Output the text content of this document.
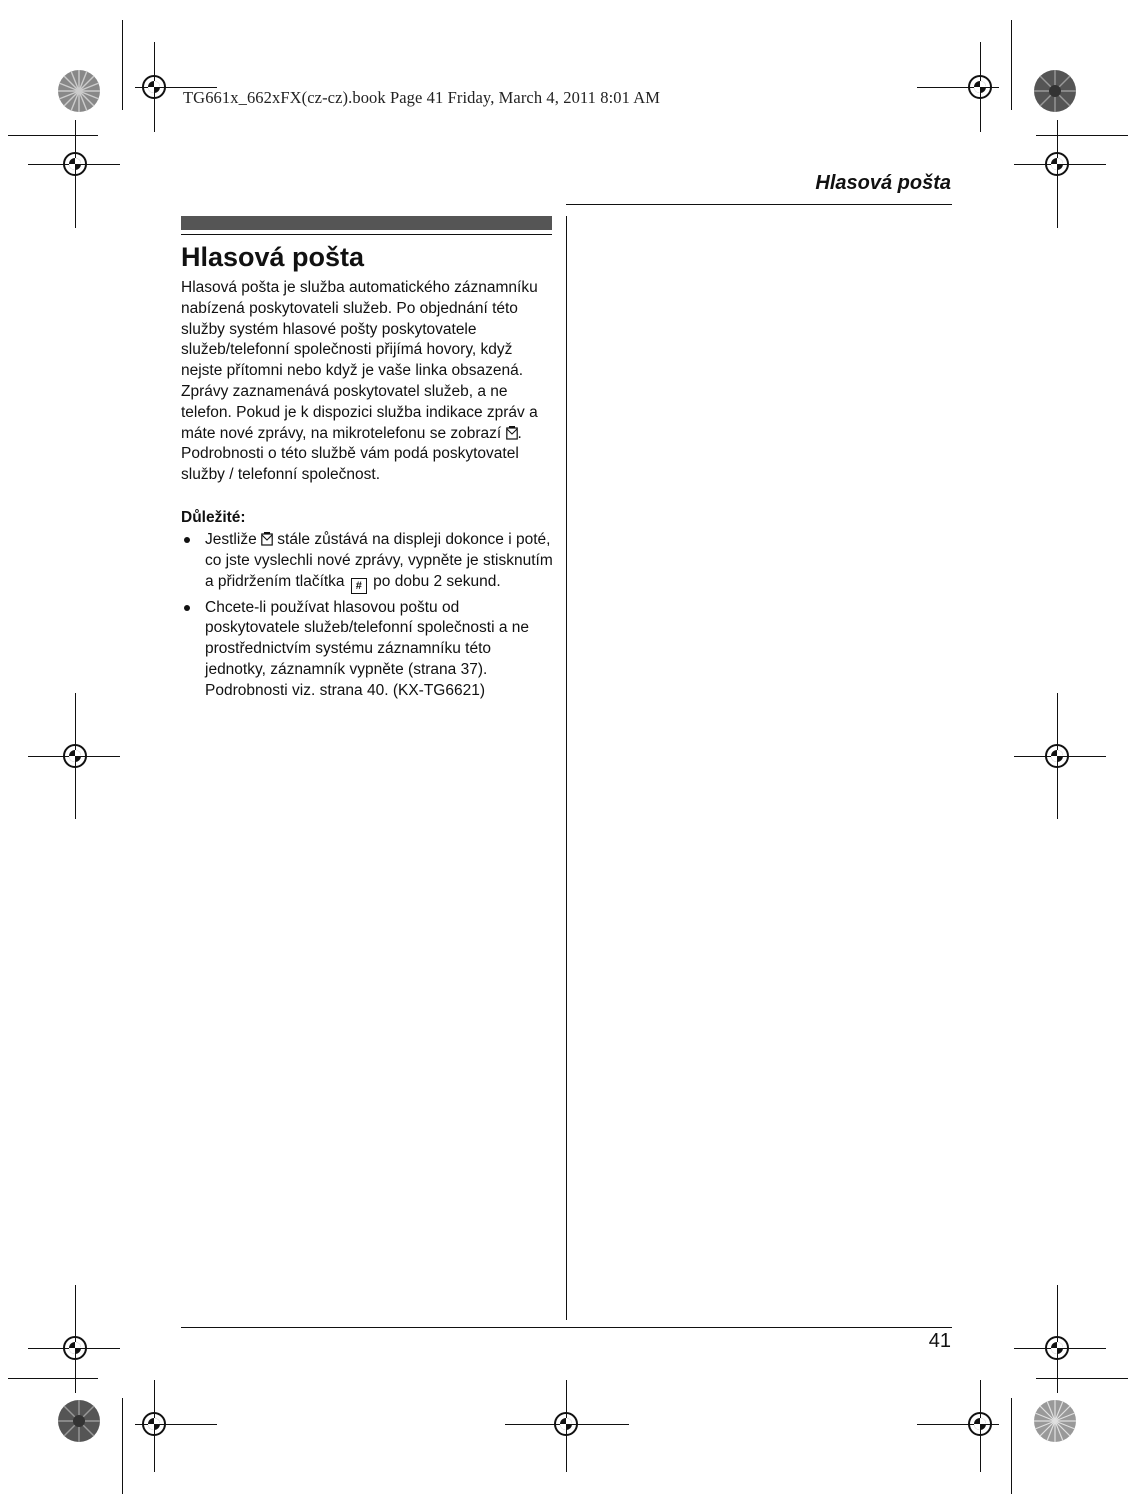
TG661x_662xFX(cz-cz).book Page 41 Friday, March 4, 2011 8:01 AM
Hlasová pošta
Hlasová pošta

Hlasová pošta je služba automatického záznamníku nabízená poskytovateli služeb. Po objednání této služby systém hlasové pošty poskytovatele služeb/telefonní společnosti přijímá hovory, když nejste přítomni nebo když je vaše linka obsazená. Zprávy zaznamenává poskytovatel služeb, a ne telefon. Pokud je k dispozici služba indikace zpráv a máte nové zprávy, na mikrotelefonu se zobrazí . Podrobnosti o této službě vám podá poskytovatel služby / telefonní společnost.

Důležité:
Jestliže  stále zůstává na displeji dokonce i poté, co jste vyslechli nové zprávy, vypněte je stisknutím a přidržením tlačítka # po dobu 2 sekund.
Chcete-li používat hlasovou poštu od poskytovatele služeb/telefonní společnosti a ne prostřednictvím systému záznamníku této jednotky, záznamník vypněte (strana 37). Podrobnosti viz. strana 40. (KX-TG6621)
41
